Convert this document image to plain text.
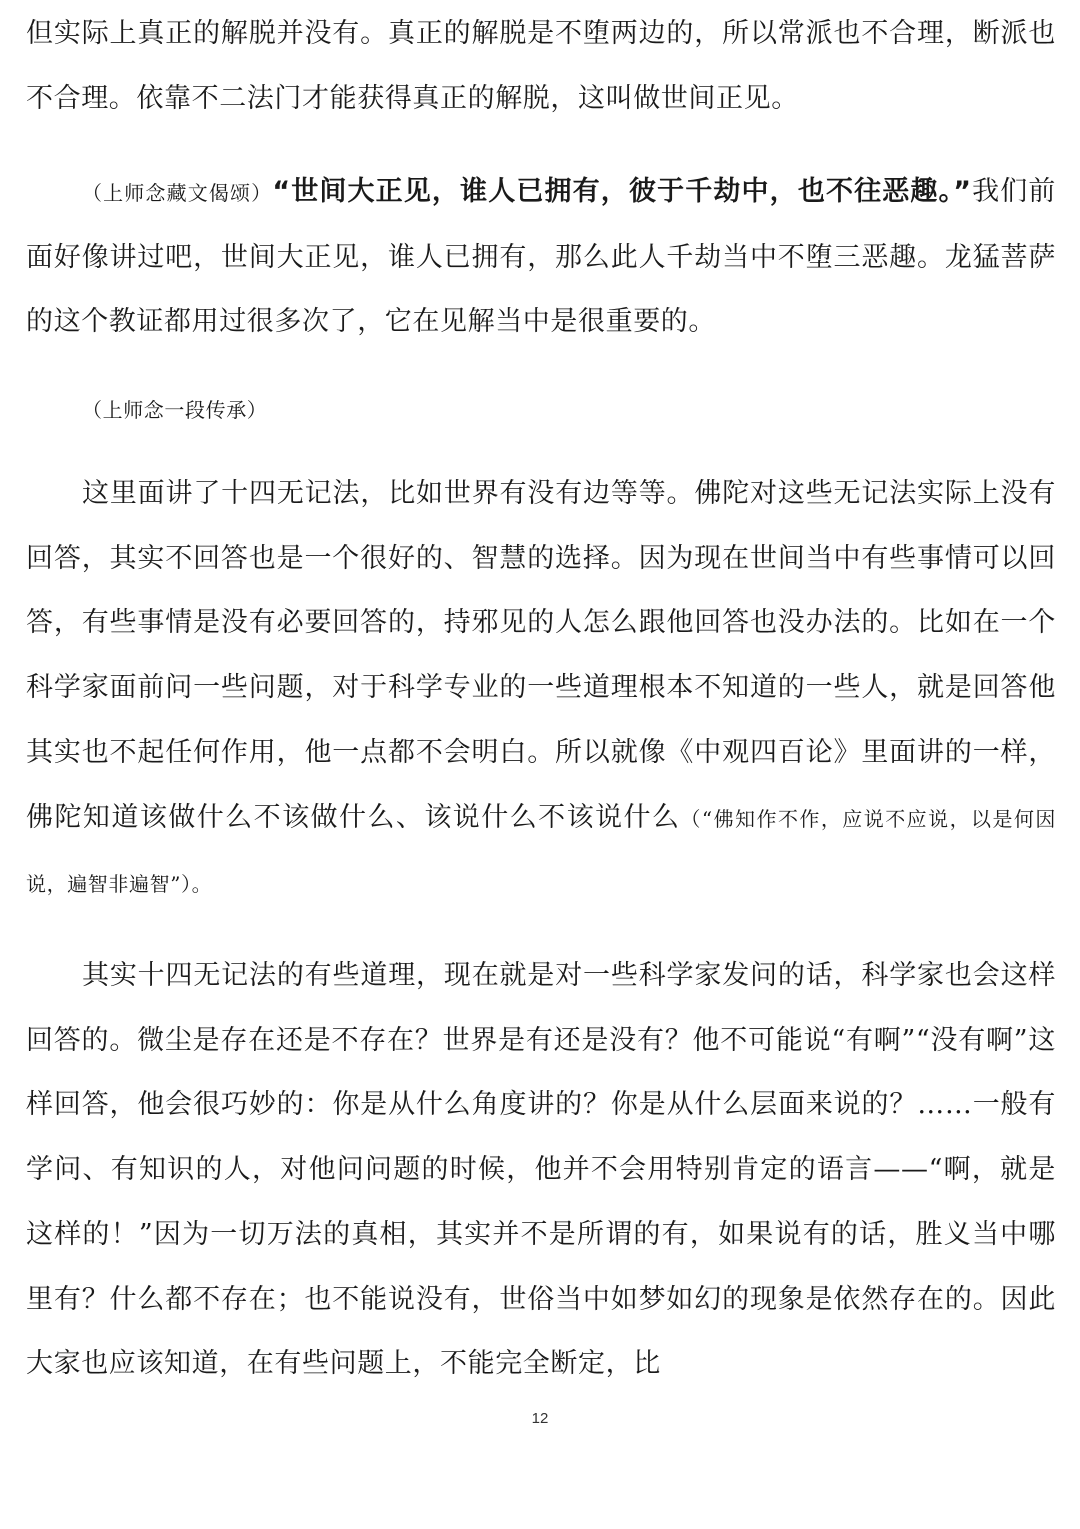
但实际上真正的解脱并没有。真正的解脱是不堕两边的，所以常派也不合理，断派也不合理。依靠不二法门才能获得真正的解脱，这叫做世间正见。

（上师念藏文偈颂）“世间大正见，谁人已拥有，彼于千劫中，也不往恶趣。”我们前面好像讲过吧，世间大正见，谁人已拥有，那么此人千劫当中不堕三恶趣。龙猛菩萨的这个教证都用过很多次了，它在见解当中是很重要的。

（上师念一段传承）

这里面讲了十四无记法，比如世界有没有边等等。佛陀对这些无记法实际上没有回答，其实不回答也是一个很好的、智慧的选择。因为现在世间当中有些事情可以回答，有些事情是没有必要回答的，持邪见的人怎么跟他回答也没办法的。比如在一个科学家面前问一些问题，对于科学专业的一些道理根本不知道的一些人，就是回答他其实也不起任何作用，他一点都不会明白。所以就像《中观四百论》里面讲的一样，佛陀知道该做什么不该做什么、该说什么不该说什么（“佛知作不作，应说不应说，以是何因说，遍智非遍智”）。

其实十四无记法的有些道理，现在就是对一些科学家发问的话，科学家也会这样回答的。微尘是存在还是不存在？世界是有还是没有？他不可能说“有啊”“没有啊”这样回答，他会很巧妙的：你是从什么角度讲的？你是从什么层面来说的？……一般有学问、有知识的人，对他问问题的时候，他并不会用特别肯定的语言——“啊，就是这样的！”因为一切万法的真相，其实并不是所谓的有，如果说有的话，胜义当中哪里有？什么都不存在；也不能说没有，世俗当中如梦如幻的现象是依然存在的。因此大家也应该知道，在有些问题上，不能完全断定，比

12
